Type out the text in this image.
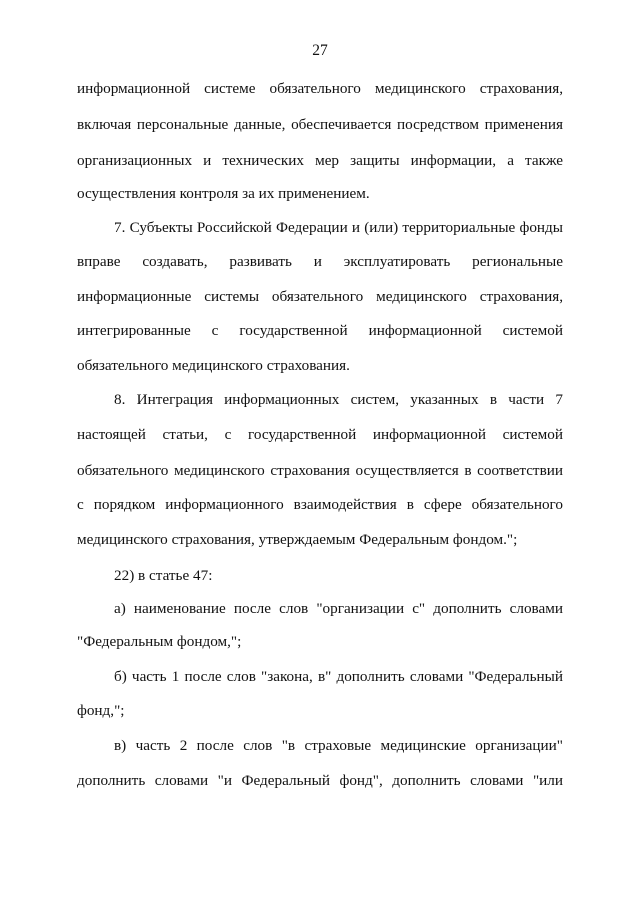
27
информационной системе обязательного медицинского страхования,
включая персональные данные, обеспечивается посредством применения
организационных и технических мер защиты информации, а также
осуществления контроля за их применением.
7. Субъекты Российской Федерации и (или) территориальные фонды
вправе создавать, развивать и эксплуатировать региональные
информационные системы обязательного медицинского страхования,
интегрированные с государственной информационной системой
обязательного медицинского страхования.
8. Интеграция информационных систем, указанных в части 7
настоящей статьи, с государственной информационной системой
обязательного медицинского страхования осуществляется в соответствии
с порядком информационного взаимодействия в сфере обязательного
медицинского страхования, утверждаемым Федеральным фондом.";
22) в статье 47:
а) наименование после слов "организации с" дополнить словами
"Федеральным фондом,";
б) часть 1 после слов "закона, в" дополнить словами "Федеральный
фонд,";
в) часть 2 после слов "в страховые медицинские организации"
дополнить словами "и Федеральный фонд", дополнить словами "или
